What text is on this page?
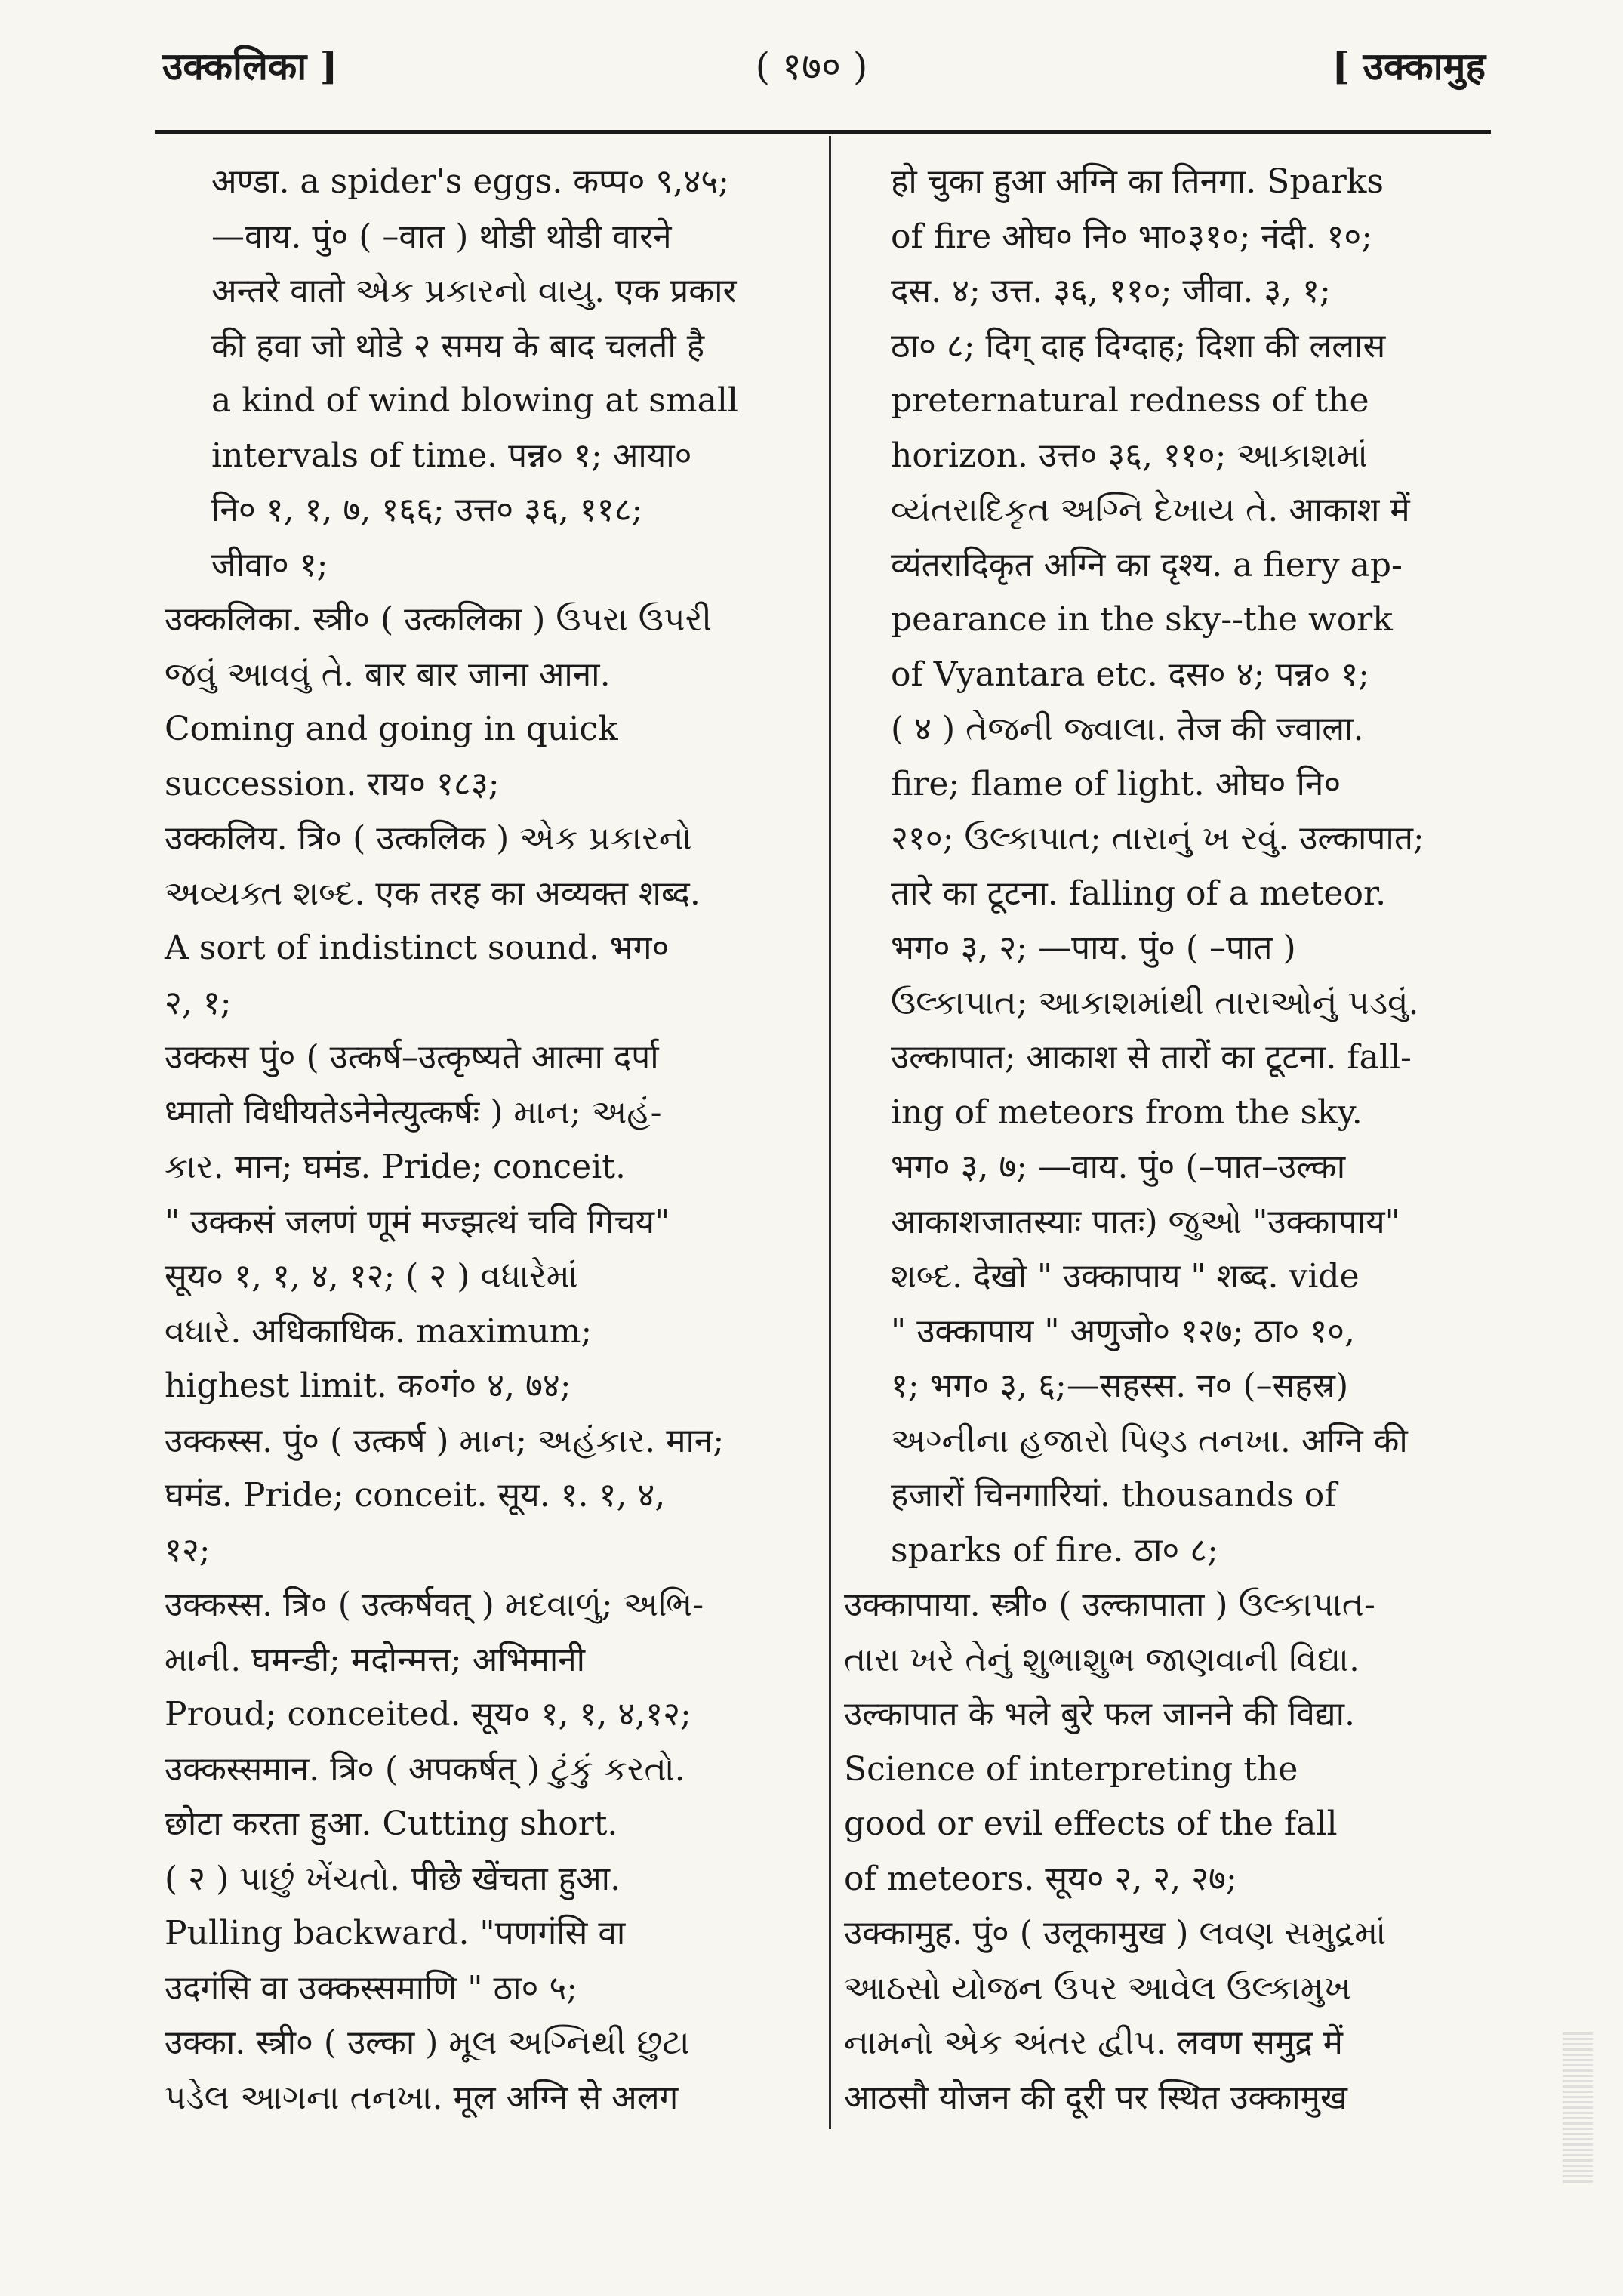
उक्कलिका ]	( १७० )	[ उक्कामुह
अण्डा. a spider's eggs. कप्प० ९,४५;
—वाय. पुं० ( –वात ) थोडी थोडी वारने
अन्तरे वातो એક પ્રકારનો વાયુ. एक प्रकार
की हवा जो थोडे २ समय के बाद चलती है
a kind of wind blowing at small
intervals of time. पन्न० १; आया०
नि० १, १, ७, १६६; उत्त० ३६, ११८;
जीवा० १;
उक्कलिका. स्त्री० ( उत्कलिका ) ઉપરા ઉપરી
જવું આવવું તે. बार बार जाना आना.
Coming and going in quick
succession. राय० १८३;
उक्कलिय. त्रि० ( उत्कलिक ) એક પ્રકારનો
અવ્યક્ત શબ્દ. एक तरह का अव्यक्त शब्द.
A sort of indistinct sound. भग०
२, १;
उक्कस पुं० ( उत्कर्ष–उत्कृष्यते आत्मा दर्पा
ध्मातो विधीयतेऽनेनेत्युत्कर्षः ) માન; અહં-
કાર. मान; घमंड. Pride; conceit.
" उक्कसं जलणं णूमं मज्झत्थं चवि गिचय"
सूय० १, १, ४, १२; ( २ ) વધારેમાં
વધારે. अधिकाधिक. maximum;
highest limit. क०गं० ४, ७४;
उक्कस्स. पुं० ( उत्कर्ष ) માન; અહંકાર. मान;
घमंड. Pride; conceit. सूय. १. १, ४,
१२;
उक्कस्स. त्रि० ( उत्कर्षवत् ) મદવાળું; અભિ-
માની. घमन्डी; मदोन्मत्त; अभिमानी
Proud; conceited. सूय० १, १, ४,१२;
उक्कस्समान. त्रि० ( अपकर्षत् ) ટુંકું કરતો.
छोटा करता हुआ. Cutting short.
( २ ) પાછું ખેંચતો. पीछे खेंचता हुआ.
Pulling backward. "पणगंसि वा
उदगंसि वा उक्कस्समाणि " ठा० ५;
उक्का. स्त्री० ( उल्का ) મૂલ અગ્નિથી છુટા
પડેલ આગના તનખા. मूल अग्नि से अलग
हो चुका हुआ अग्नि का तिनगा. Sparks
of fire ओघ० नि० भा०३१०; नंदी. १०;
दस. ४; उत्त. ३६, ११०; जीवा. ३, १;
ठा० ८; दिग् दाह दिग्दाह; दिशा की ललास
preternatural redness of the
horizon. उत्त० ३६, ११०; આકાશમાં
વ્યંતરાદિકૃત અગ્નિ દેખાય તે. आकाश में
व्यंतरादिकृत अग्नि का दृश्य. a fiery ap-
pearance in the sky--the work
of Vyantara etc. दस० ४; पन्न० १;
( ४ ) તેજની જ્વાલા. तेज की ज्वाला.
fire; flame of light. ओघ० नि०
२१०; ઉલ્કાપાત; તારાનું ખ રવું. उल्कापात;
तारे का टूटना. falling of a meteor.
भग० ३, २; —पाय. पुं० ( –पात )
ઉલ્કાપાત; આકાશમાંથી તારાઓનું પડવું.
उल्कापात; आकाश से तारों का टूटना. fall-
ing of meteors from the sky.
भग० ३, ७; —वाय. पुं० (–पात–उल्का
आकाशजातस्याः पातः) જુઓ "उक्कापाय"
શબ્દ. देखो " उक्कापाय " शब्द. vide
" उक्कापाय " अणुजो० १२७; ठा० १०,
१; भग० ३, ६;—सहस्स. न० (–सहस्र)
અગ્નીના હજારો પિણ્ડ તનખા. अग्नि की
हजारों चिनगारियां. thousands of
sparks of fire. ठा० ८;
उक्कापाया. स्त्री० ( उल्कापाता ) ઉલ્કાપાત-
તારા ખરે તેનું શુભાશુભ જાણવાની વિદ્યા.
उल्कापात के भले बुरे फल जानने की विद्या.
Science of interpreting the
good or evil effects of the fall
of meteors. सूय० २, २, २७;
उक्कामुह. पुं० ( उलूकामुख ) લવણ સમુદ્રમાં
આઠસો યોજન ઉપર આવેલ ઉલ્કામુખ
નામનો એક અંતર દ્વીપ. लवण समुद्र में
आठसौ योजन की दूरी पर स्थित उक्कामुख
